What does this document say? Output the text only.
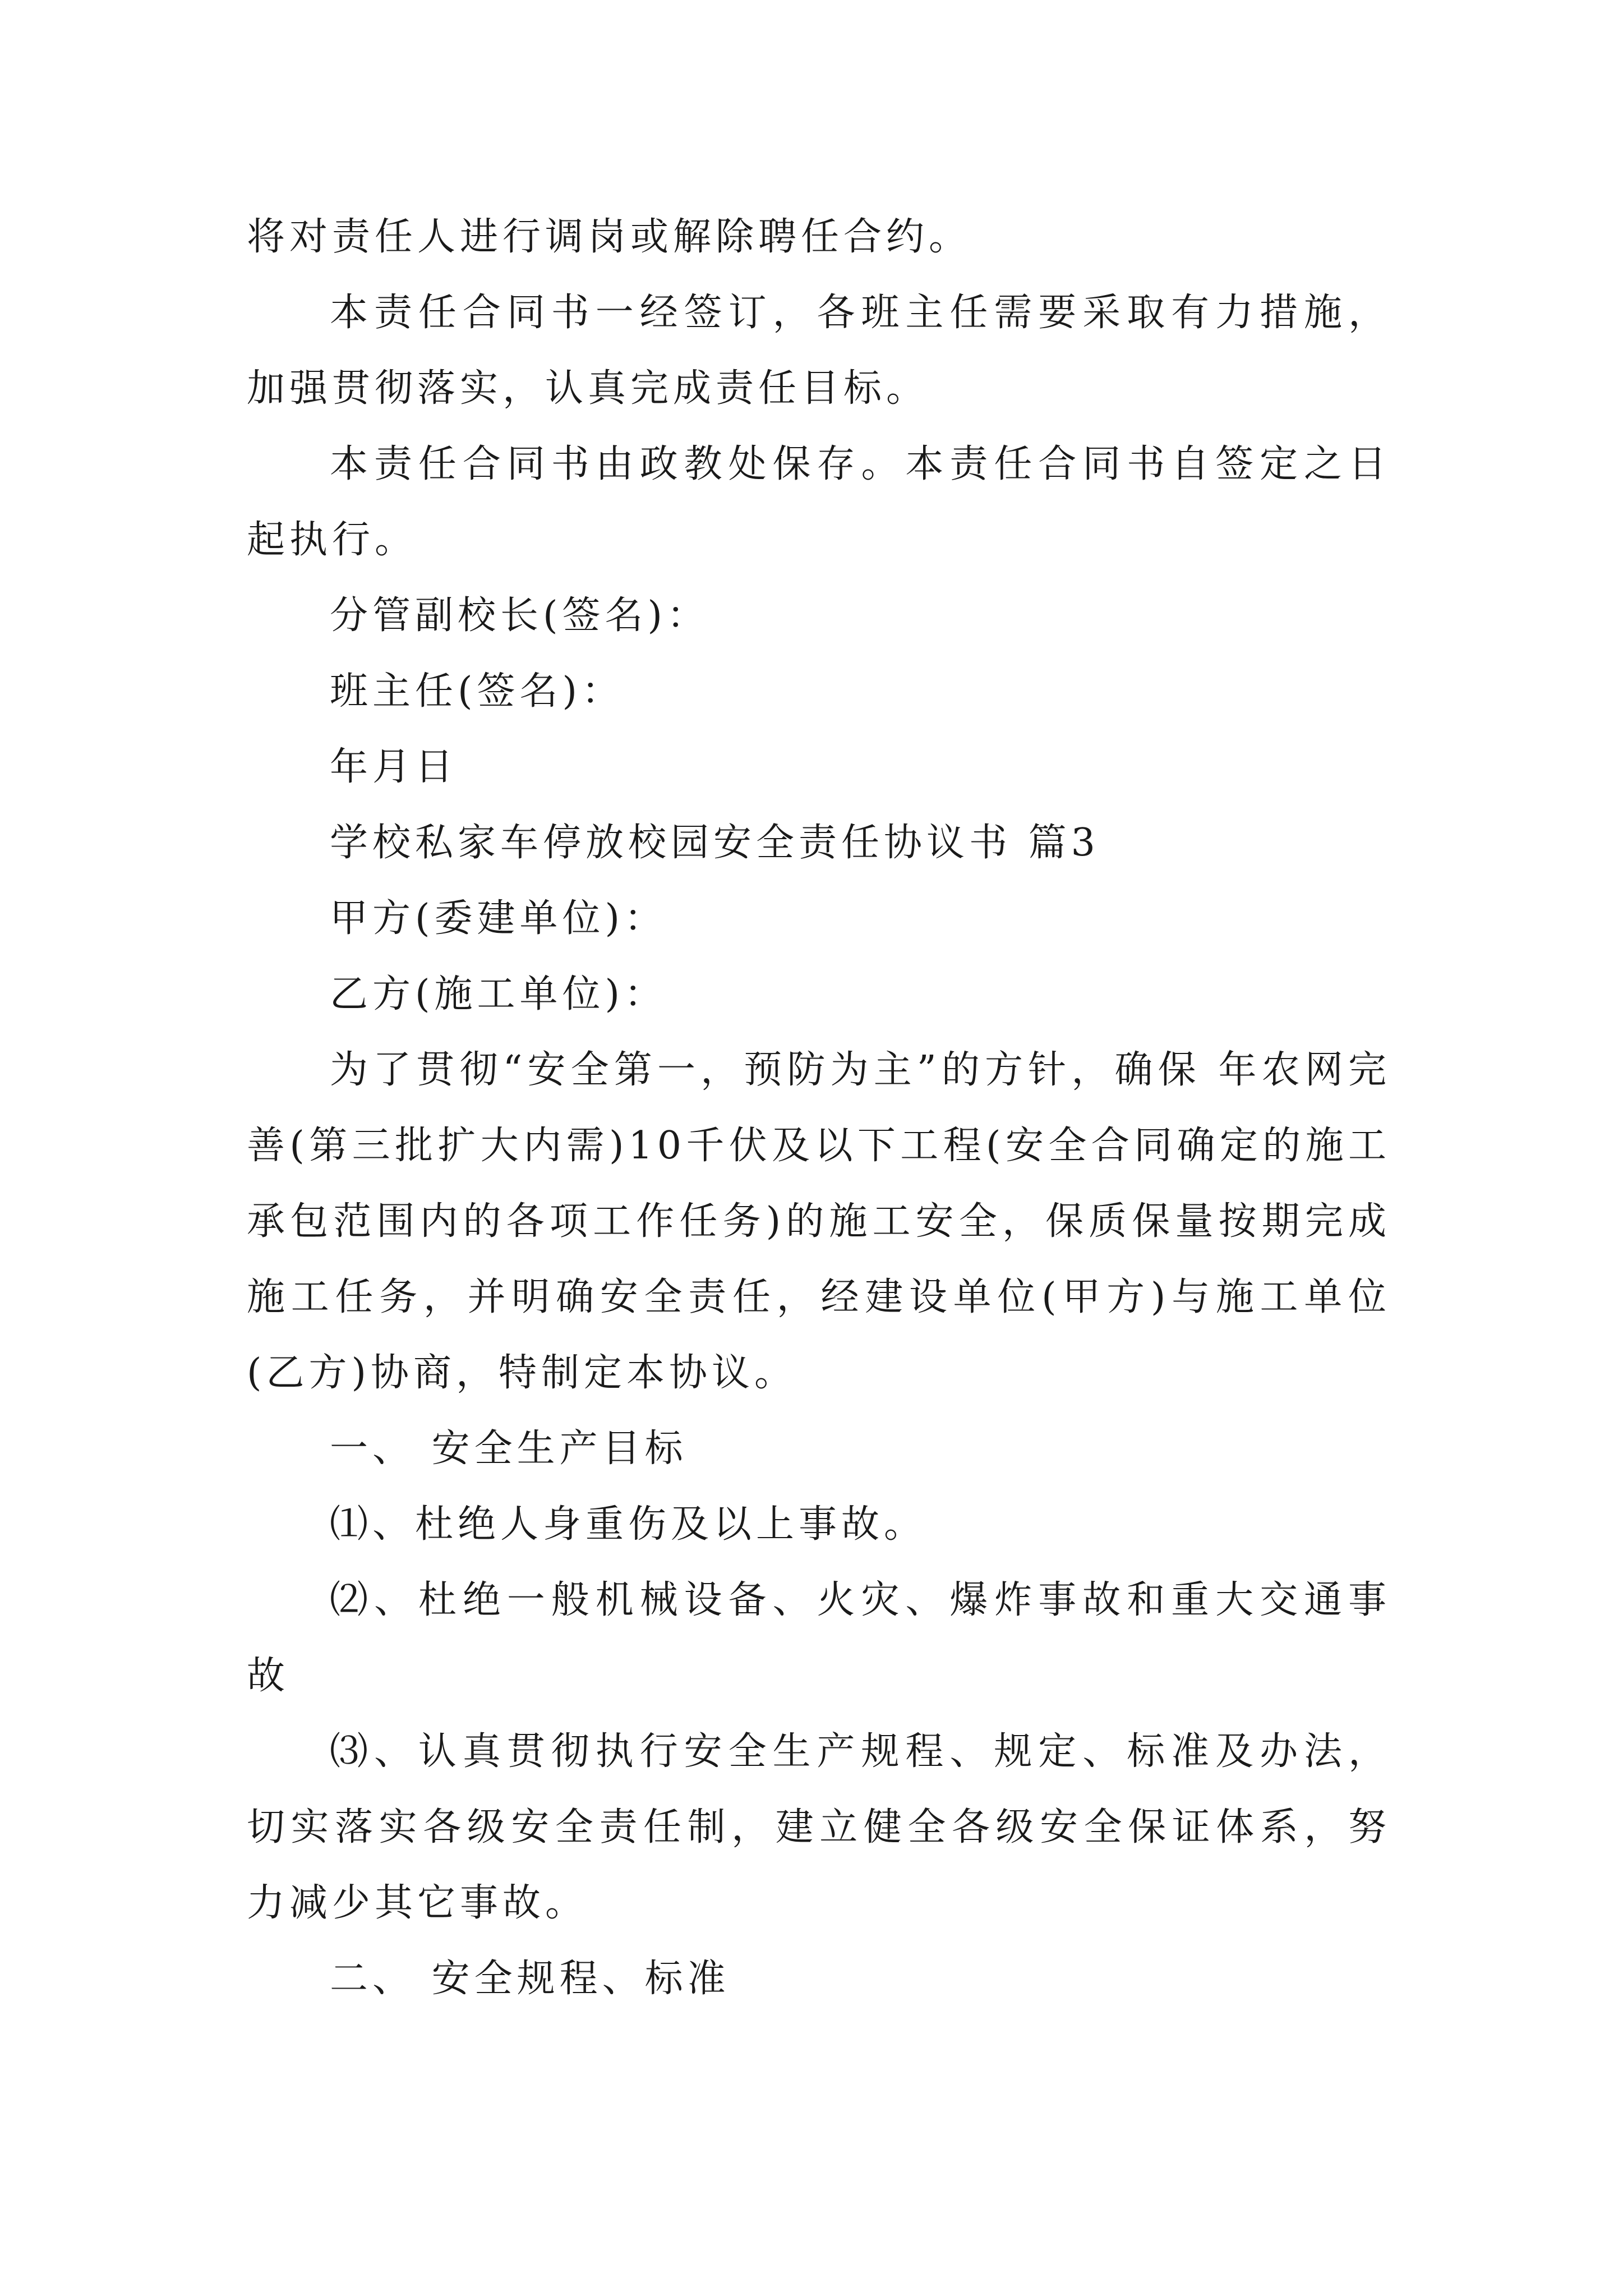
将对责任人进行调岗或解除聘任合约。

本责任合同书一经签订，各班主任需要采取有力措施，加强贯彻落实，认真完成责任目标。

本责任合同书由政教处保存。本责任合同书自签定之日起执行。

分管副校长(签名)：

班主任(签名)：

年月日

学校私家车停放校园安全责任协议书 篇3

甲方(委建单位)：

乙方(施工单位)：

为了贯彻“安全第一，预防为主”的方针，确保 年农网完善(第三批扩大内需)10千伏及以下工程(安全合同确定的施工承包范围内的各项工作任务)的施工安全，保质保量按期完成施工任务，并明确安全责任，经建设单位(甲方)与施工单位(乙方)协商，特制定本协议。

一、 安全生产目标

⑴、杜绝人身重伤及以上事故。

⑵、杜绝一般机械设备、火灾、爆炸事故和重大交通事故

⑶、认真贯彻执行安全生产规程、规定、标准及办法，切实落实各级安全责任制，建立健全各级安全保证体系，努力减少其它事故。

二、 安全规程、标准
